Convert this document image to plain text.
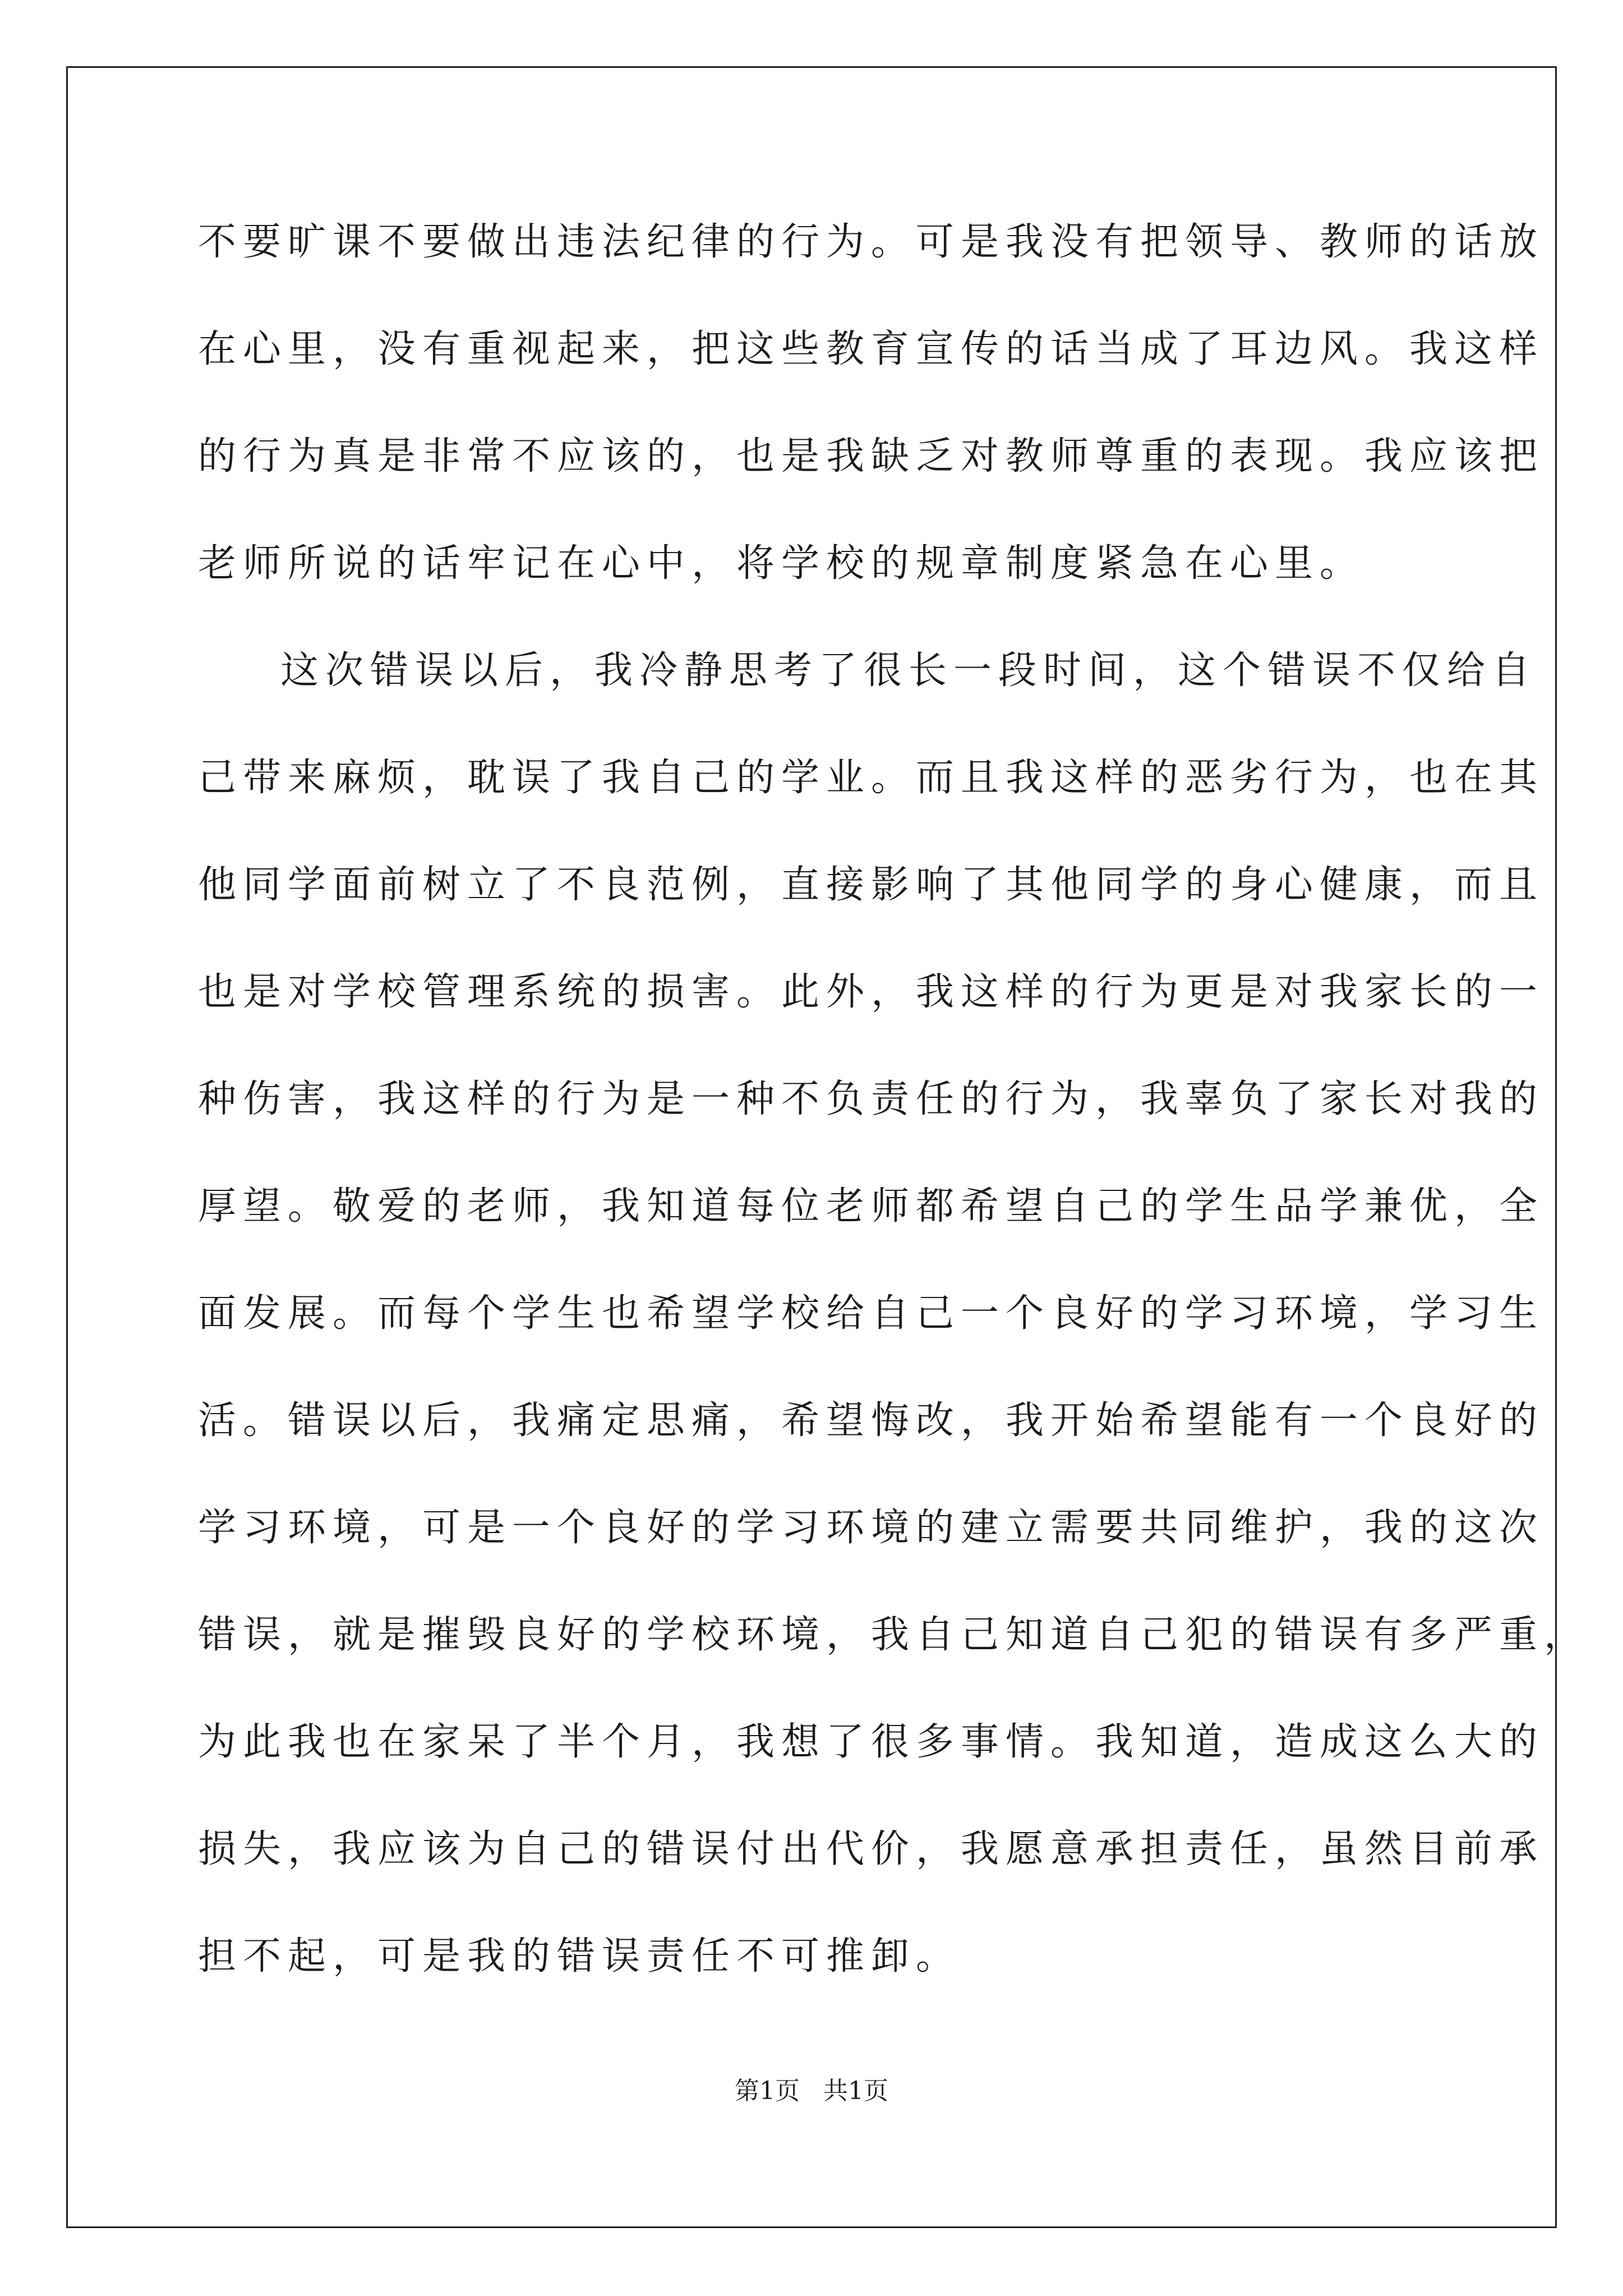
不要旷课不要做出违法纪律的行为。可是我没有把领导、教师的话放
在心里，没有重视起来，把这些教育宣传的话当成了耳边风。我这样
的行为真是非常不应该的，也是我缺乏对教师尊重的表现。我应该把
老师所说的话牢记在心中，将学校的规章制度紧急在心里。
这次错误以后，我冷静思考了很长一段时间，这个错误不仅给自
己带来麻烦，耽误了我自己的学业。而且我这样的恶劣行为，也在其
他同学面前树立了不良范例，直接影响了其他同学的身心健康，而且
也是对学校管理系统的损害。此外，我这样的行为更是对我家长的一
种伤害，我这样的行为是一种不负责任的行为，我辜负了家长对我的
厚望。敬爱的老师，我知道每位老师都希望自己的学生品学兼优，全
面发展。而每个学生也希望学校给自己一个良好的学习环境，学习生
活。错误以后，我痛定思痛，希望悔改，我开始希望能有一个良好的
学习环境，可是一个良好的学习环境的建立需要共同维护，我的这次
错误，就是摧毁良好的学校环境，我自己知道自己犯的错误有多严重，
为此我也在家呆了半个月，我想了很多事情。我知道，造成这么大的
损失，我应该为自己的错误付出代价，我愿意承担责任，虽然目前承
担不起，可是我的错误责任不可推卸。
第1页   共1页
